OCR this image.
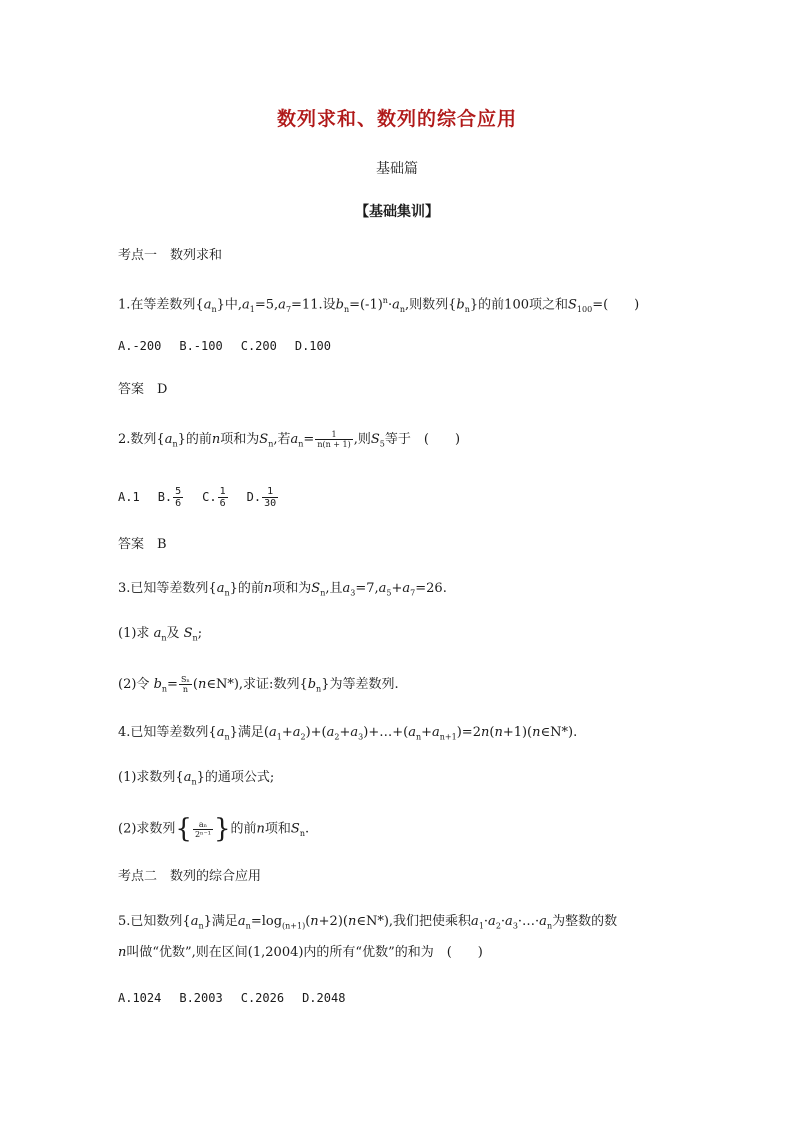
数列求和、数列的综合应用
基础篇
【基础集训】
考点一　数列求和
1.在等差数列$\{a_n\}$中$,a_1=5,a_7=11$.设$b_n=(-1)^n\cdot a_n$,则数列$\{b_n\}$的前100项之和$S_{100}=$(　　)
A.-200 B.-100 C.200 D.100
答案　D
2.数列$\{a_n\}$的前n项和为$S_n$,若$a_n= \frac{1}{n(n + 1)}$ ,则$S_5$等于　(　　)
A.1 B. $\frac{5}{6} C$. $\frac{1}{6} D$. $\frac{1}{30}$
答案　B
3.已知等差数列$\{a_n\}$的前n项和为$S_n$,且$a_3=7,a_5+a_7=26$.
(1)求 $a_n$及 $S_n$;
(2)令 $b_n= \frac{\text{Sₙ}}{n}$ (n∈N*),求证:数列$\{b_n\}$为等差数列.
4.已知等差数列$\{a_n\}$满足$(a_1+a_2)+(a_2+a_3)+\dots+(a_n+a_{n+1})=2n(n+1)(n\in N*)$.
(1)求数列$\{a_n\}$的通项公式;
(2)求数列{ $\frac{\text{aₙ}}{\text{2ⁿ⁻¹}}$ }的前n项和$S_n$.
考点二　数列的综合应用
5.已知数列$\{a_n\}$满足$a_n=\log_{(n+1)}(n+2)(n\in N*)$,我们把使乘积$a_1\cdot a_2\cdot a_3\cdot\dots\cdot a_n$为整数的数
n叫做“优数”,则在区间(1,2004)内的所有“优数”的和为　(　　)
A.1024 B.2003 C.2026 D.2048
